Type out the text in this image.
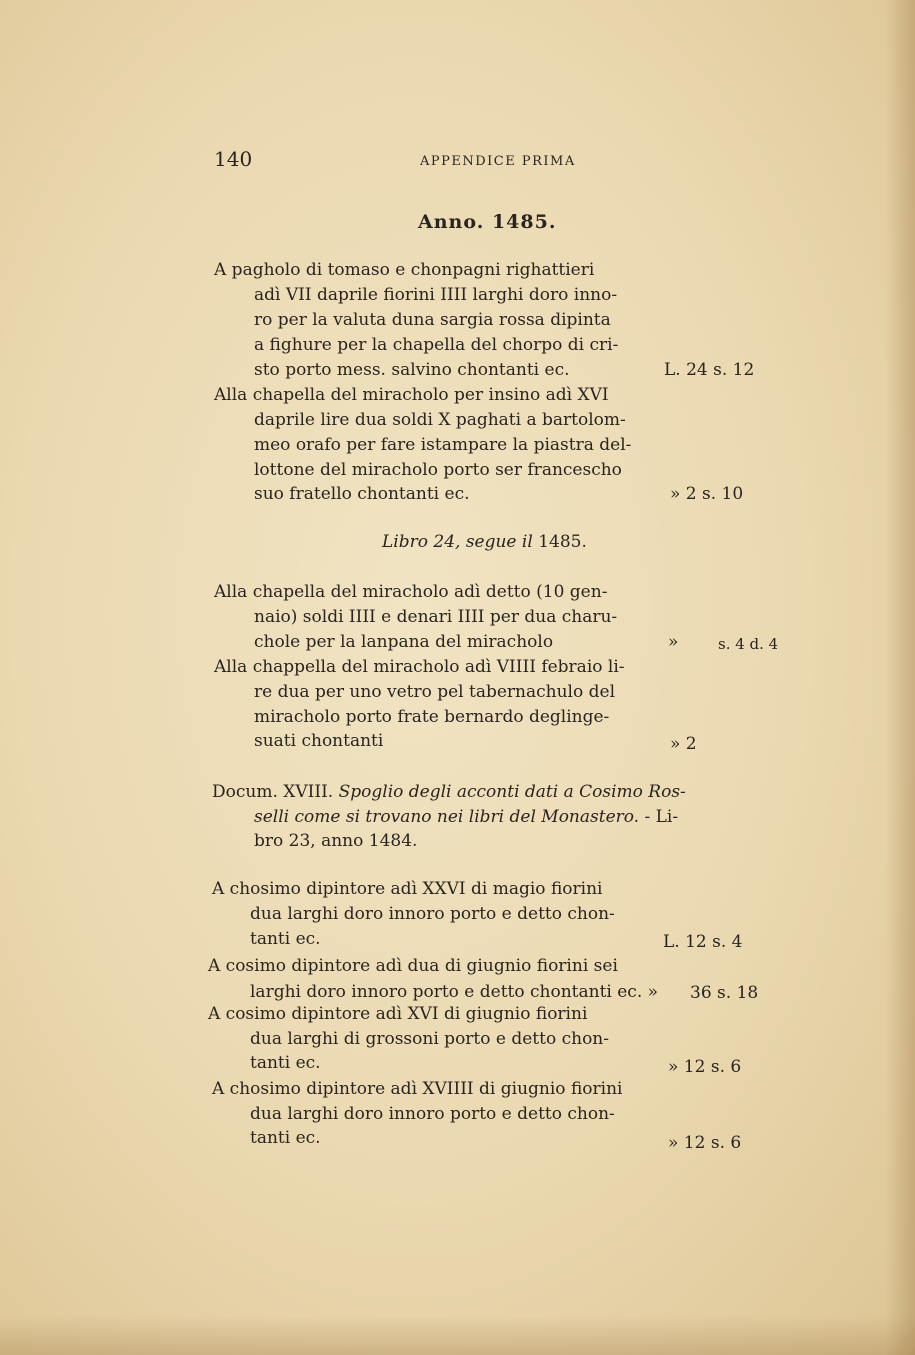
140	APPENDICE PRIMA
Anno. 1485.
A pagholo di tomaso e chonpagni righattieri
adì VII daprile fiorini IIII larghi doro inno-
ro per la valuta duna sargia rossa dipinta
a fighure per la chapella del chorpo di cri-
sto porto mess. salvino chontanti ec.	L. 24 s. 12
Alla chapella del miracholo per insino adì XVI
daprile lire dua soldi X paghati a bartolom-
meo orafo per fare istampare la piastra del-
lottone del miracholo porto ser francescho
suo fratello chontanti ec.	» 2 s. 10
Libro 24, segue il 1485.
Alla chapella del miracholo adì detto (10 gen-
naio) soldi IIII e denari IIII per dua charu-
chole per la lanpana del miracholo	»	s. 4 d. 4
Alla chappella del miracholo adì VIIII febraio li-
re dua per uno vetro pel tabernachulo del
miracholo porto frate bernardo deglinge-
suati chontanti	» 2
Docum. XVIII. Spoglio degli acconti dati a Cosimo Ros-
selli come si trovano nei libri del Monastero. - Li-
bro 23, anno 1484.
A chosimo dipintore adì XXVI di magio fiorini
dua larghi doro innoro porto e detto chon-
tanti ec.	L. 12 s. 4
A cosimo dipintore adì dua di giugnio fiorini sei
larghi doro innoro porto e detto chontanti ec. » 36 s. 18
A cosimo dipintore adì XVI di giugnio fiorini
dua larghi di grossoni porto e detto chon-
tanti ec.	» 12 s. 6
A chosimo dipintore adì XVIIII di giugnio fiorini
dua larghi doro innoro porto e detto chon-
tanti ec.	» 12 s. 6
